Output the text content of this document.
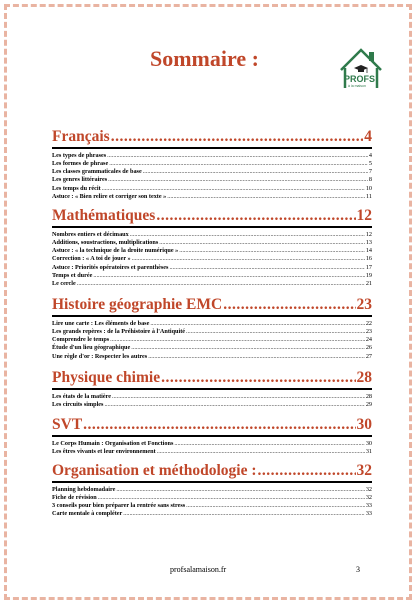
Sommaire :
PROFS
à la maison
Français .....	4
Les types de phrases .....	4
Les formes de phrase .....	5
Les classes grammaticales de base .....	7
Les genres littéraires .....	8
Les temps du récit .....	10
Astuce : « Bien relire et corriger son texte » .....	11
Mathématiques .....	12
Nombres entiers et décimaux .....	12
Additions, soustractions, multiplications .....	13
Astuce : « la technique de la droite numérique » .....	14
Correction : « A toi de jouer » .....	16
Astuce : Priorités opératoires et parenthèses .....	17
Temps et durée .....	19
Le cercle .....	21
Histoire géographie EMC .....	23
Lire une carte : Les éléments de base .....	22
Les grands repères : de la Préhistoire à l'Antiquité .....	23
Comprendre le temps .....	24
Étude d'un lieu géographique .....	26
Une règle d'or : Respecter les autres .....	27
Physique chimie .....	28
Les états de la matière .....	28
Les circuits simples .....	29
SVT .....	30
Le Corps Humain : Organisation et Fonctions .....	30
Les êtres vivants et leur environnement .....	31
Organisation et méthodologie : .....	32
Planning hebdomadaire .....	32
Fiche de révision .....	32
3 conseils pour bien préparer la rentrée sans stress .....	33
Carte mentale à compléter .....	33
profsalamaison.fr	3
